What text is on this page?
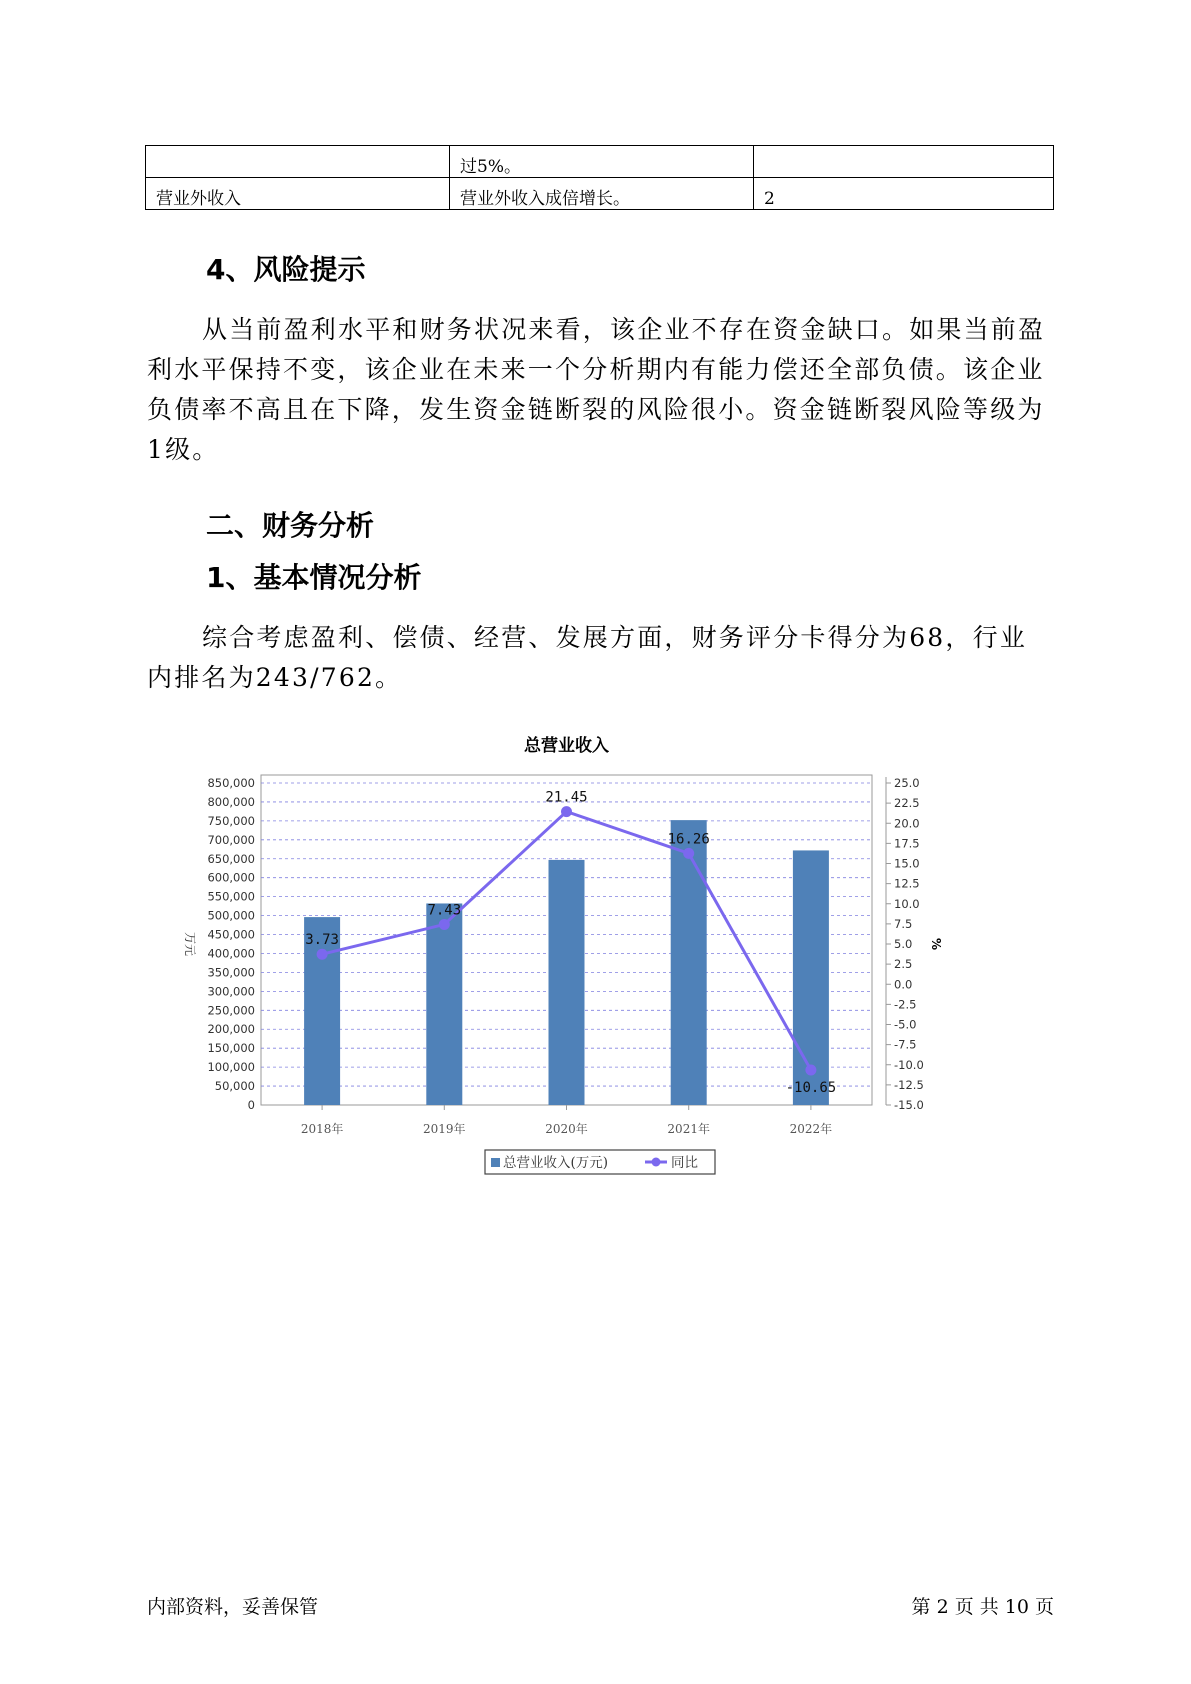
	过5%。	
营业外收入	营业外收入成倍增长。	2
4、风险提示

从当前盈利水平和财务状况来看，该企业不存在资金缺口。如果当前盈利水平保持不变，该企业在未来一个分析期内有能力偿还全部负债。该企业负债率不高且在下降，发生资金链断裂的风险很小。资金链断裂风险等级为1级。

二、财务分析
1、基本情况分析

综合考虑盈利、偿债、经营、发展方面，财务评分卡得分为68，行业内排名为243/762。

总营业收入
0
50,000
100,000
150,000
200,000
250,000
300,000
350,000
400,000
450,000
500,000
550,000
600,000
650,000
700,000
750,000
800,000
850,000
-15.0
-12.5
-10.0
-7.5
-5.0
-2.5
0.0
2.5
5.0
7.5
10.0
12.5
15.0
17.5
20.0
22.5
25.0
万元	%
2018年	2019年	2020年	2021年	2022年
3.73
7.43
21.45
16.26
-10.65
总营业收入(万元)	同比
内部资料，妥善保管	第 2 页 共 10 页
